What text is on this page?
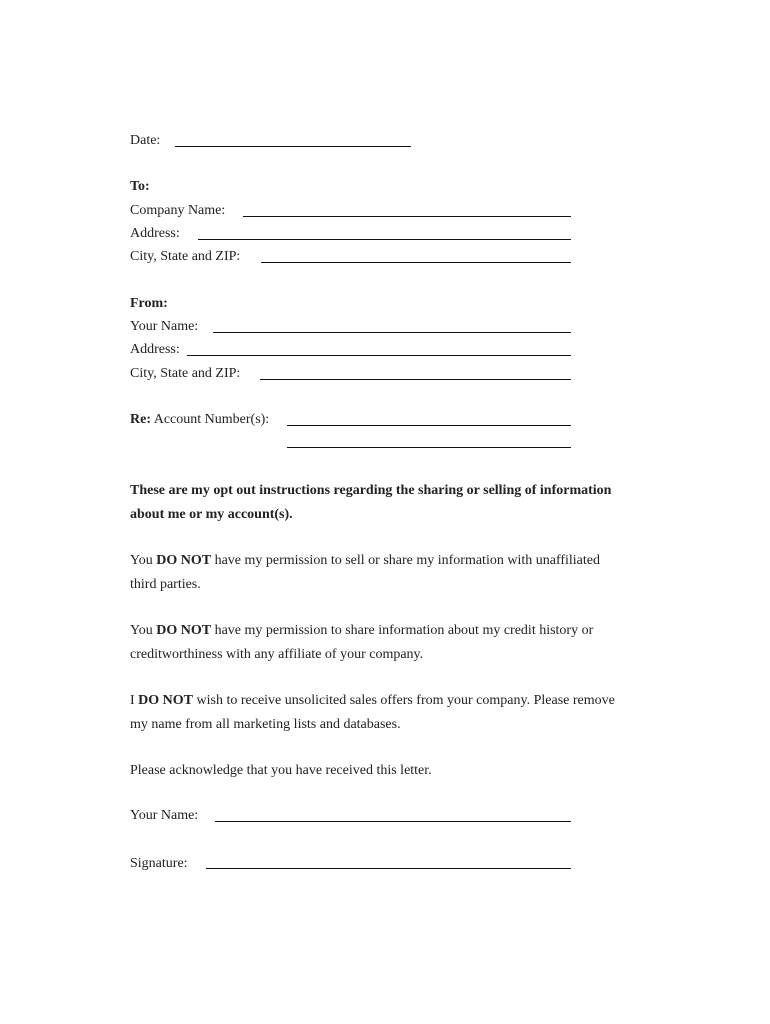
Date:
To:
Company Name:
Address:
City, State and ZIP:
From:
Your Name:
Address:
City, State and ZIP:
Re: Account Number(s):
These are my opt out instructions regarding the sharing or selling of information
about me or my account(s).
You DO NOT have my permission to sell or share my information with unaffiliated
third parties.
You DO NOT have my permission to share information about my credit history or
creditworthiness with any affiliate of your company.
I DO NOT wish to receive unsolicited sales offers from your company. Please remove
my name from all marketing lists and databases.
Please acknowledge that you have received this letter.
Your Name:
Signature:
